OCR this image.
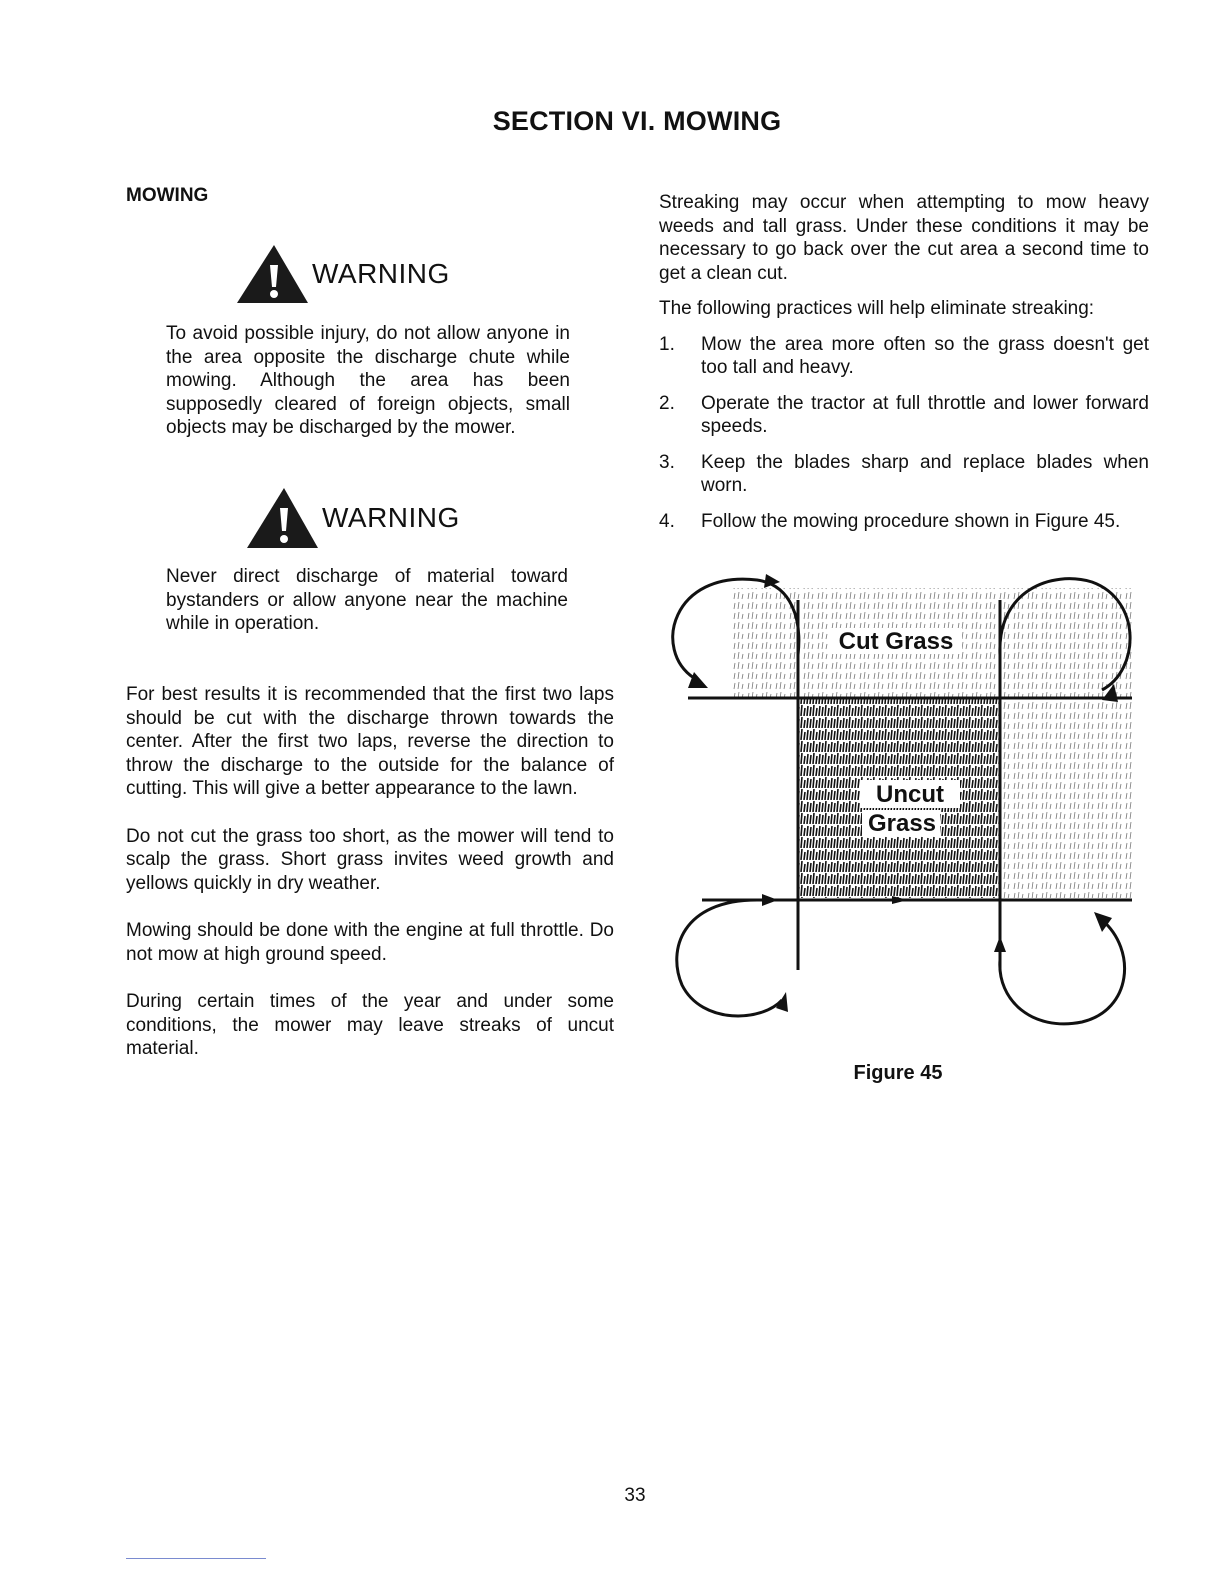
SECTION VI. MOWING
MOWING
WARNING

To avoid possible injury, do not allow anyone in the area opposite the discharge chute while mowing. Although the area has been supposedly cleared of foreign objects, small objects may be discharged by the mower.

WARNING

Never direct discharge of material toward bystanders or allow anyone near the machine while in operation.

For best results it is recommended that the first two laps should be cut with the discharge thrown towards the center. After the first two laps, reverse the direction to throw the discharge to the outside for the balance of cutting. This will give a better appearance to the lawn.

Do not cut the grass too short, as the mower will tend to scalp the grass. Short grass invites weed growth and yellows quickly in dry weather.

Mowing should be done with the engine at full throttle. Do not mow at high ground speed.

During certain times of the year and under some conditions, the mower may leave streaks of uncut material.

Streaking may occur when attempting to mow heavy weeds and tall grass. Under these conditions it may be necessary to go back over the cut area a second time to get a clean cut.

The following practices will help eliminate streaking:

1.	Mow the area more often so the grass doesn't get too tall and heavy.
2.	Operate the tractor at full throttle and lower forward speeds.
3.	Keep the blades sharp and replace blades when worn.
4.	Follow the mowing procedure shown in Figure 45.
Cut Grass
Uncut
Grass
Figure 45
33
